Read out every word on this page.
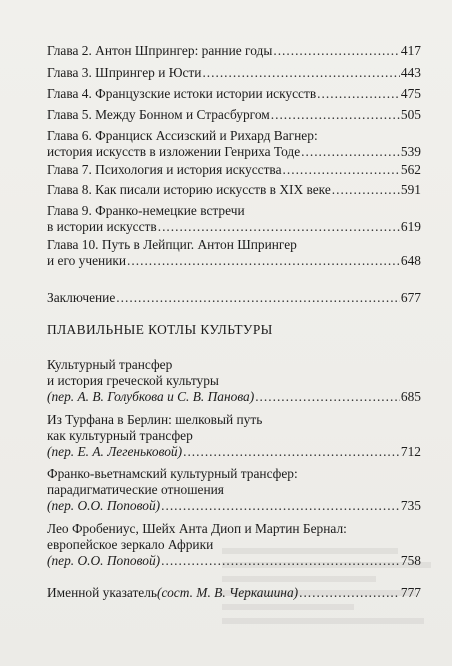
Глава 2. Антон Шпрингер: ранние годы .....	417
Глава 3. Шпрингер и Юсти .....	443
Глава 4. Французские истоки истории искусств .....	475
Глава 5. Между Бонном и Страсбургом .....	505
Глава 6. Франциск Ассизский и Рихард Вагнер:
история искусств в изложении Генриха Тоде .....	539
Глава 7. Психология и история искусства .....	562
Глава 8. Как писали историю искусств в XIX веке .....	591
Глава 9. Франко-немецкие встречи
в истории искусств .....	619
Глава 10. Путь в Лейпциг. Антон Шпрингер
и его ученики .....	648
Заключение .....	677
ПЛАВИЛЬНЫЕ КОТЛЫ КУЛЬТУРЫ
Культурный трансфер
и история греческой культуры
(пер. А. В. Голубкова и С. В. Панова) .....	685
Из Турфана в Берлин: шелковый путь
как культурный трансфер
(пер. Е. А. Легеньковой) .....	712
Франко-вьетнамский культурный трансфер:
парадигматические отношения
(пер. О.О. Поповой) .....	735
Лео Фробениус, Шейх Анта Диоп и Мартин Бернал:
европейское зеркало Африки
(пер. О.О. Поповой) .....	758
Именной указатель (сост. М. В. Черкашина) .....	777
